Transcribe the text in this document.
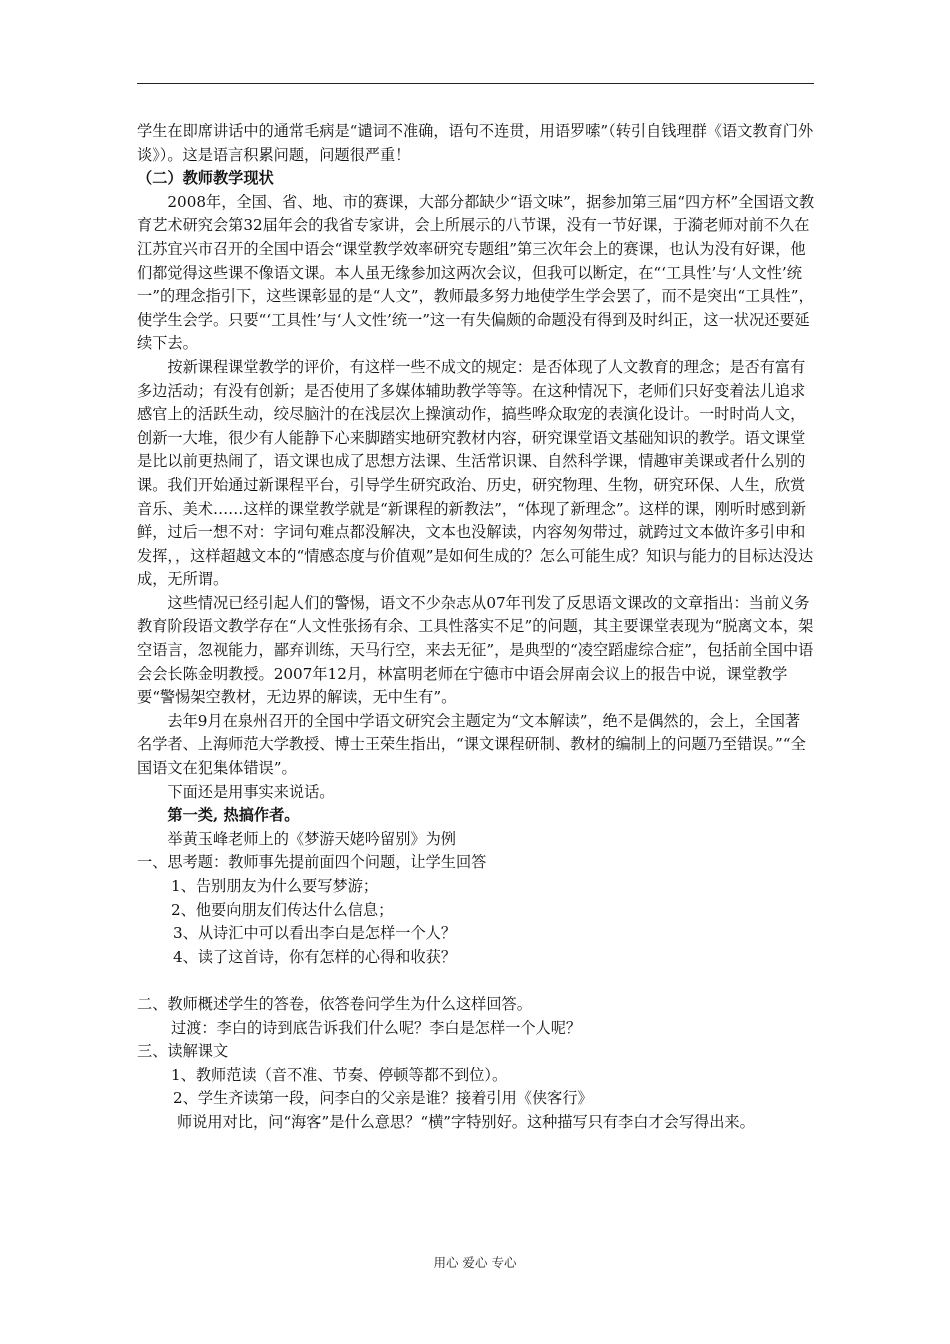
学生在即席讲话中的通常毛病是“谴词不准确，语句不连贯，用语罗嗦”（转引自钱理群《语文教育门外谈》）。这是语言积累问题，问题很严重！

（二）教师教学现状

2008年，全国、省、地、市的赛课，大部分都缺少“语文味”，据参加第三届“四方杯”全国语文教育艺术研究会第32届年会的我省专家讲，会上所展示的八节课，没有一节好课，于漪老师对前不久在江苏宜兴市召开的全国中语会“课堂教学效率研究专题组”第三次年会上的赛课，也认为没有好课，他们都觉得这些课不像语文课。本人虽无缘参加这两次会议，但我可以断定，在“‘工具性’与‘人文性’统一”的理念指引下，这些课彰显的是“人文”，教师最多努力地使学生学会罢了，而不是突出“工具性”，使学生会学。只要“‘工具性’与‘人文性’统一”这一有失偏颇的命题没有得到及时纠正，这一状况还要延续下去。

按新课程课堂教学的评价，有这样一些不成文的规定：是否体现了人文教育的理念；是否有富有多边活动；有没有创新；是否使用了多媒体辅助教学等等。在这种情况下，老师们只好变着法儿追求感官上的活跃生动，绞尽脑汁的在浅层次上操演动作，搞些哗众取宠的表演化设计。一时时尚人文，创新一大堆，很少有人能静下心来脚踏实地研究教材内容，研究课堂语文基础知识的教学。语文课堂是比以前更热闹了，语文课也成了思想方法课、生活常识课、自然科学课，情趣审美课或者什么别的课。我们开始通过新课程平台，引导学生研究政治、历史，研究物理、生物，研究环保、人生，欣赏音乐、美术……这样的课堂教学就是“新课程的新教法”，“体现了新理念”。这样的课，刚听时感到新鲜，过后一想不对：字词句难点都没解决，文本也没解读，内容匆匆带过，就跨过文本做许多引申和发挥，，这样超越文本的“情感态度与价值观”是如何生成的？怎么可能生成？知识与能力的目标达没达成，无所谓。

这些情况已经引起人们的警惕，语文不少杂志从07年刊发了反思语文课改的文章指出：当前义务教育阶段语文教学存在“人文性张扬有余、工具性落实不足”的问题，其主要课堂表现为“脱离文本，架空语言，忽视能力，鄙弃训练，天马行空，来去无征”，是典型的“凌空蹈虚综合症”，包括前全国中语会会长陈金明教授。2007年12月，林富明老师在宁德市中语会屏南会议上的报告中说，课堂教学要“警惕架空教材，无边界的解读，无中生有”。

去年9月在泉州召开的全国中学语文研究会主题定为“文本解读”，绝不是偶然的，会上，全国著名学者、上海师范大学教授、博士王荣生指出，“课文课程研制、教材的编制上的问题乃至错误。”“全国语文在犯集体错误”。

下面还是用事实来说话。

第一类, 热搞作者。

举黄玉峰老师上的《梦游天姥吟留别》为例

一、思考题：教师事先提前面四个问题，让学生回答

1、告别朋友为什么要写梦游；

2、他要向朋友们传达什么信息；

3、从诗汇中可以看出李白是怎样一个人？

4、读了这首诗，你有怎样的心得和收获？

二、教师概述学生的答卷，依答卷问学生为什么这样回答。

过渡：李白的诗到底告诉我们什么呢？李白是怎样一个人呢？

三、读解课文

1、教师范读（音不准、节奏、停顿等都不到位）。

2、学生齐读第一段，问李白的父亲是谁？接着引用《侠客行》

师说用对比，问“海客”是什么意思？“横”字特别好。这种描写只有李白才会写得出来。

用心 爱心 专心
